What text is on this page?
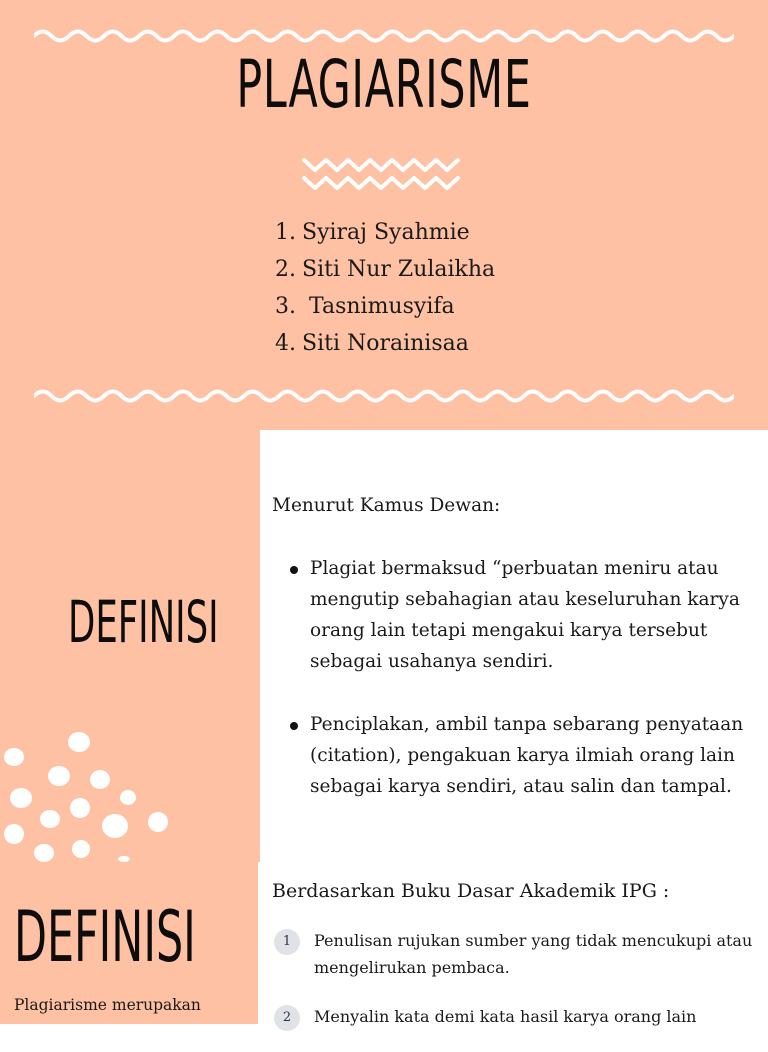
PLAGIARISME
1. Syiraj Syahmie
2. Siti Nur Zulaikha
3. Tasnimusyifa
4. Siti Norainisaa
DEFINISI
Menurut Kamus Dewan:
Plagiat bermaksud “perbuatan meniru atau mengutip sebahagian atau keseluruhan karya orang lain tetapi mengakui karya tersebut sebagai usahanya sendiri.
Penciplakan, ambil tanpa sebarang penyataan (citation), pengakuan karya ilmiah orang lain sebagai karya sendiri, atau salin dan tampal.
DEFINISI
Plagiarisme merupakan
Berdasarkan Buku Dasar Akademik IPG :
1	Penulisan rujukan sumber yang tidak mencukupi atau mengelirukan pembaca.
2	Menyalin kata demi kata hasil karya orang lain
